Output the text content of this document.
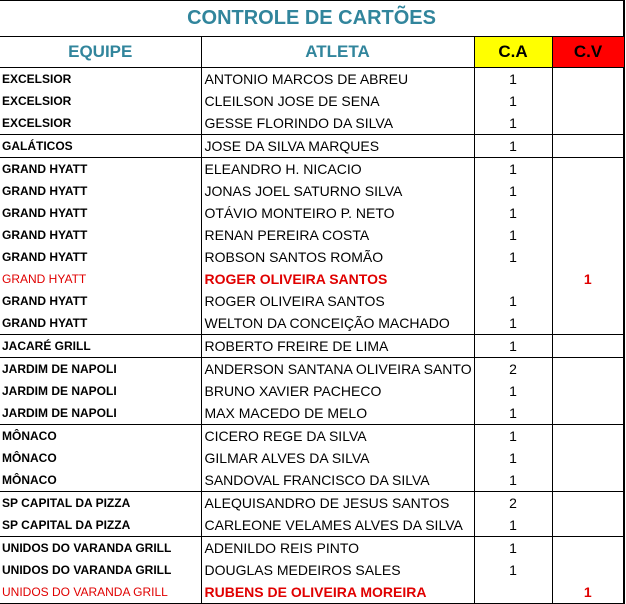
CONTROLE DE CARTÕES			
EQUIPE	ATLETA	C.A	C.V
EXCELSIOR	ANTONIO MARCOS DE ABREU	1	
EXCELSIOR	CLEILSON JOSE DE SENA	1	
EXCELSIOR	GESSE FLORINDO DA SILVA	1	
GALÁTICOS	JOSE DA SILVA MARQUES	1	
GRAND HYATT	ELEANDRO H. NICACIO	1	
GRAND HYATT	JONAS JOEL SATURNO SILVA	1	
GRAND HYATT	OTÁVIO MONTEIRO P. NETO	1	
GRAND HYATT	RENAN PEREIRA COSTA	1	
GRAND HYATT	ROBSON SANTOS ROMÃO	1	
GRAND HYATT	ROGER OLIVEIRA SANTOS		1
GRAND HYATT	ROGER OLIVEIRA SANTOS	1	
GRAND HYATT	WELTON DA CONCEIÇÃO MACHADO	1	
JACARÉ GRILL	ROBERTO FREIRE DE LIMA	1	
JARDIM DE NAPOLI	ANDERSON SANTANA OLIVEIRA SANTO	2	
JARDIM DE NAPOLI	BRUNO XAVIER PACHECO	1	
JARDIM DE NAPOLI	MAX MACEDO DE MELO	1	
MÔNACO	CICERO REGE DA SILVA	1	
MÔNACO	GILMAR ALVES DA SILVA	1	
MÔNACO	SANDOVAL FRANCISCO DA SILVA	1	
SP CAPITAL DA PIZZA	ALEQUISANDRO DE JESUS SANTOS	2	
SP CAPITAL DA PIZZA	CARLEONE VELAMES ALVES DA SILVA	1	
UNIDOS DO VARANDA GRILL	ADENILDO REIS PINTO	1	
UNIDOS DO VARANDA GRILL	DOUGLAS MEDEIROS SALES	1	
UNIDOS DO VARANDA GRILL	RUBENS DE OLIVEIRA MOREIRA		1
